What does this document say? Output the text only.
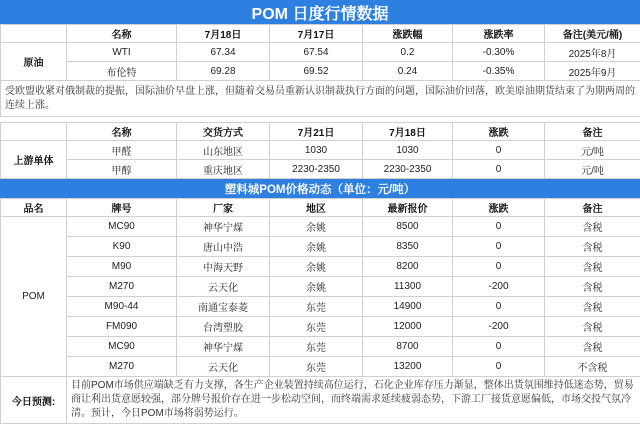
POM 日度行情数据
	名称	7月18日	7月17日	涨跌幅	涨跌率	备注(美元/桶)
原油	WTI	67.34	67.54	0.2	-0.30%	2025年8月
	布伦特	69.28	69.52	0.24	-0.35%	2025年9月
受欧盟收紧对俄制裁的提振，国际油价早盘上涨，但随着交易员重新认识制裁执行方面的问题，国际油价回落，欧美原油期货结束了为期两周的连续上涨。						

	名称	交货方式	7月21日	7月18日	涨跌	备注
上游单体	甲醛	山东地区	1030	1030	0	元/吨
	甲醇	重庆地区	2230-2350	2230-2350	0	元/吨
塑料城POM价格动态（单位：元/吨）
品名	牌号	厂家	地区	最新报价	涨跌	备注
POM	MC90	神华宁煤	余姚	8500	0	含税
	K90	唐山中浩	余姚	8350	0	含税
	M90	中海天野	余姚	8200	0	含税
	M270	云天化	余姚	11300	-200	含税
	M90-44	南通宝泰菱	东莞	14900	0	含税
	FM090	台湾塑胶	东莞	12000	-200	含税
	MC90	神华宁煤	东莞	8700	0	含税
	M270	云天化	东莞	13200	0	不含税
今日预测:	目前POM市场供应端缺乏有力支撑，各生产企业装置持续高位运行，石化企业库存压力渐显，整体出货氛围维持低迷态势，贸易商让利出货意愿较强，部分牌号报价存在进一步松动空间，而终端需求延续疲弱态势，下游工厂接货意愿偏低，市场交投气氛冷清。预计，今日POM市场将弱势运行。					
